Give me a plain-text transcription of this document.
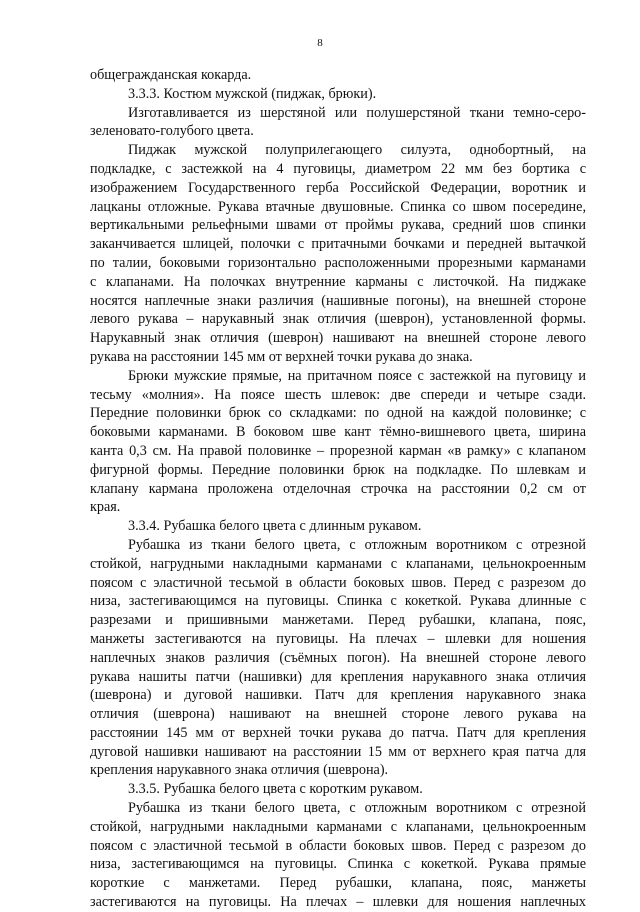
8
общегражданская кокарда.
3.3.3. Костюм мужской (пиджак, брюки).
Изготавливается из шерстяной или полушерстяной ткани темно-серо-
зеленовато-голубого цвета.
Пиджак мужской полуприлегающего силуэта, однобортный, на
подкладке, с застежкой на 4 пуговицы, диаметром 22 мм без бортика с
изображением Государственного герба Российской Федерации, воротник и
лацканы отложные. Рукава втачные двушовные. Спинка со швом посередине,
вертикальными рельефными швами от проймы рукава, средний шов спинки
заканчивается шлицей, полочки с притачными бочками и передней вытачкой
по талии, боковыми горизонтально расположенными прорезными карманами
с клапанами. На полочках внутренние карманы с листочкой. На пиджаке
носятся наплечные знаки различия (нашивные погоны), на внешней стороне
левого рукава – нарукавный знак отличия (шеврон), установленной формы.
Нарукавный знак отличия (шеврон) нашивают на внешней стороне левого
рукава на расстоянии 145 мм от верхней точки рукава до знака.
Брюки мужские прямые, на притачном поясе с застежкой на пуговицу и
тесьму «молния». На поясе шесть шлевок: две спереди и четыре сзади.
Передние половинки брюк со складками: по одной на каждой половинке; с
боковыми карманами. В боковом шве кант тёмно-вишневого цвета, ширина
канта 0,3 см. На правой половинке – прорезной карман «в рамку» с клапаном
фигурной формы. Передние половинки брюк на подкладке. По шлевкам и
клапану кармана проложена отделочная строчка на расстоянии 0,2 см от
края.
3.3.4. Рубашка белого цвета с длинным рукавом.
Рубашка из ткани белого цвета, с отложным воротником с отрезной
стойкой, нагрудными накладными карманами с клапанами, цельнокроенным
поясом с эластичной тесьмой в области боковых швов. Перед с разрезом до
низа, застегивающимся на пуговицы. Спинка с кокеткой. Рукава длинные с
разрезами и пришивными манжетами. Перед рубашки, клапана, пояс,
манжеты застегиваются на пуговицы. На плечах – шлевки для ношения
наплечных знаков различия (съёмных погон). На внешней стороне левого
рукава нашиты патчи (нашивки) для крепления нарукавного знака отличия
(шеврона) и дуговой нашивки. Патч для крепления нарукавного знака
отличия (шеврона) нашивают на внешней стороне левого рукава на
расстоянии 145 мм от верхней точки рукава до патча. Патч для крепления
дуговой нашивки нашивают на расстоянии 15 мм от верхнего края патча для
крепления нарукавного знака отличия (шеврона).
3.3.5. Рубашка белого цвета с коротким рукавом.
Рубашка из ткани белого цвета, с отложным воротником с отрезной
стойкой, нагрудными накладными карманами с клапанами, цельнокроенным
поясом с эластичной тесьмой в области боковых швов. Перед с разрезом до
низа, застегивающимся на пуговицы. Спинка с кокеткой. Рукава прямые
короткие с манжетами. Перед рубашки, клапана, пояс, манжеты
застегиваются на пуговицы. На плечах – шлевки для ношения наплечных
